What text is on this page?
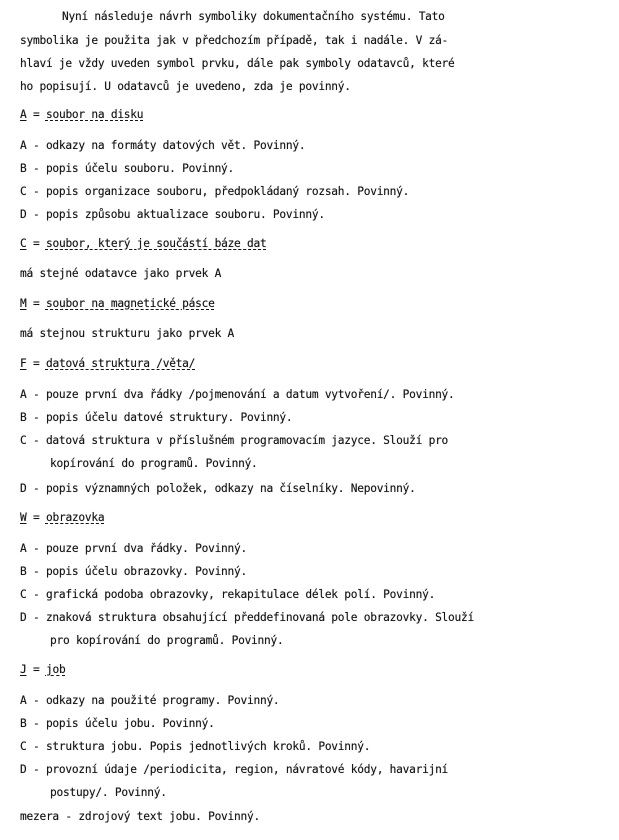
Nyní následuje návrh symboliky dokumentačního systému. Tato
symbolika je použita jak v předchozím případě, tak i nadále. V zá-
hlaví je vždy uveden symbol prvku, dále pak symboly odatavců, které
ho popisují. U odatavců je uvedeno, zda je povinný.
A = soubor na disku
A - odkazy na formáty datových vět. Povinný.
B - popis účelu souboru. Povinný.
C - popis organizace souboru, předpokládaný rozsah. Povinný.
D - popis způsobu aktualizace souboru. Povinný.
C = soubor, který je součástí báze dat
má stejné odatavce jako prvek A
M = soubor na magnetické pásce
má stejnou strukturu jako prvek A
F = datová struktura /věta/
A - pouze první dva řádky /pojmenování a datum vytvoření/. Povinný.
B - popis účelu datové struktury. Povinný.
C - datová struktura v příslušném programovacím jazyce. Slouží pro
kopírování do programů. Povinný.
D - popis významných položek, odkazy na číselníky. Nepovinný.
W = obrazovka
A - pouze první dva řádky. Povinný.
B - popis účelu obrazovky. Povinný.
C - grafická podoba obrazovky, rekapitulace délek polí. Povinný.
D - znaková struktura obsahující předdefinovaná pole obrazovky. Slouží
pro kopírování do programů. Povinný.
J = job
A - odkazy na použité programy. Povinný.
B - popis účelu jobu. Povinný.
C - struktura jobu. Popis jednotlivých kroků. Povinný.
D - provozní údaje /periodicita, region, návratové kódy, havarijní
postupy/. Povinný.
mezera - zdrojový text jobu. Povinný.
